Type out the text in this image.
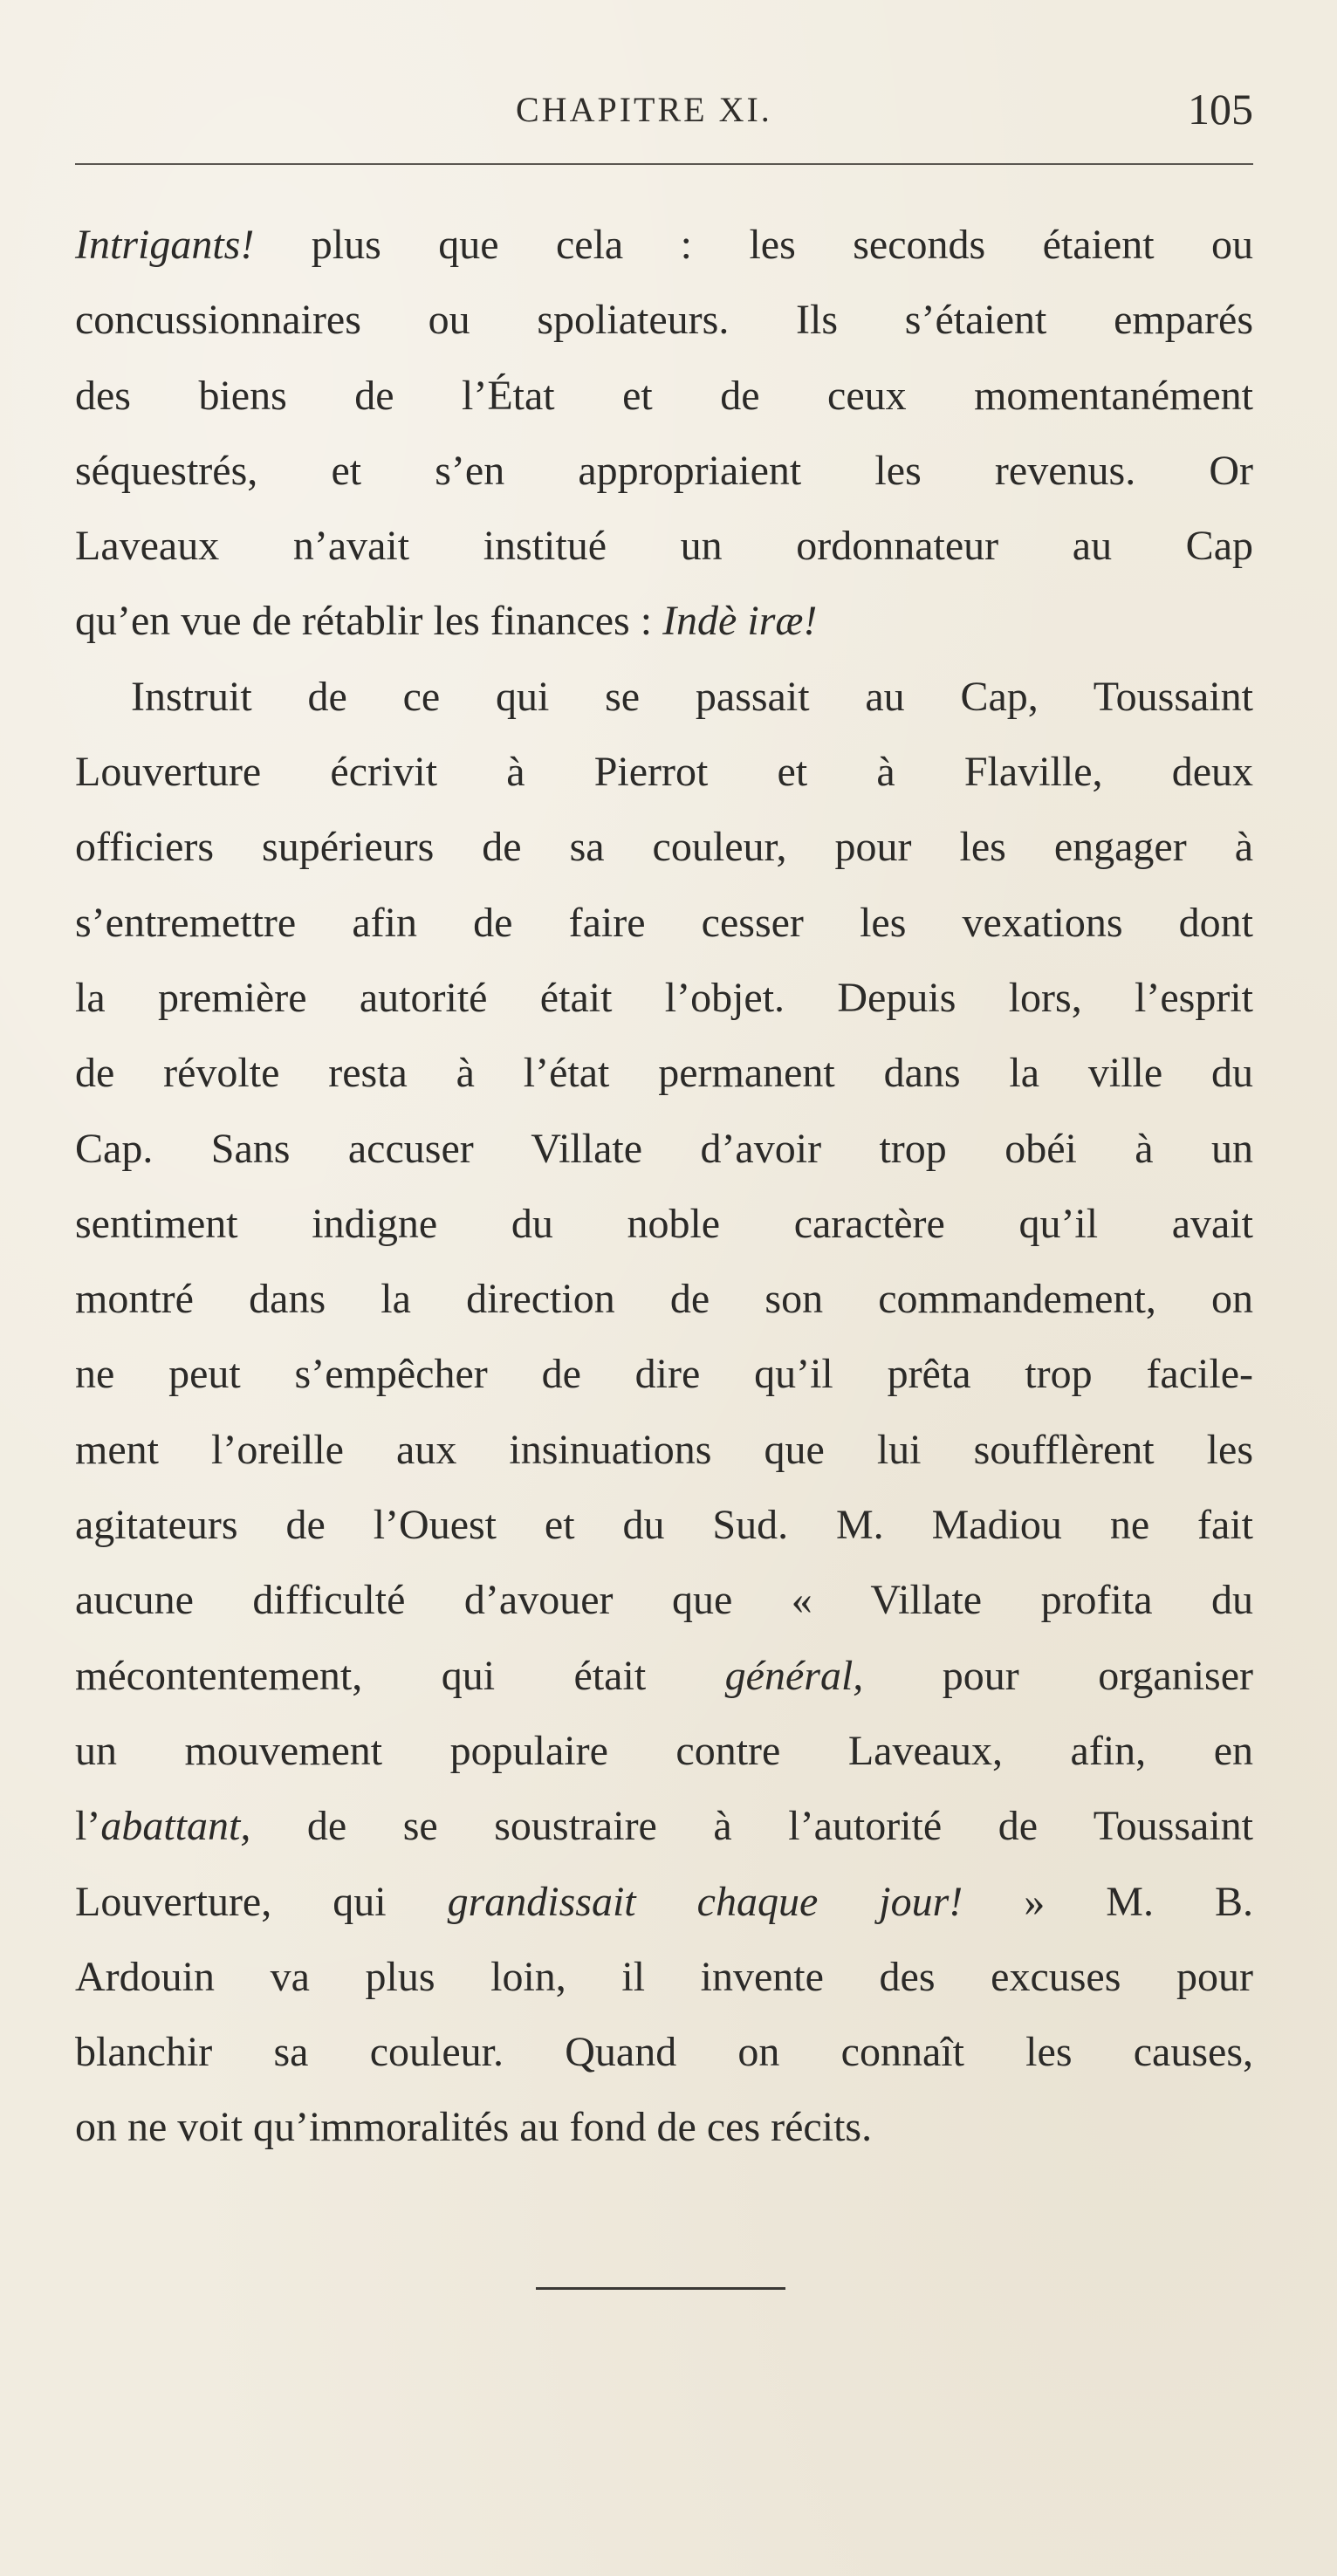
CHAPITRE XI.	105
Intrigants! plus que cela : les seconds étaient ou
concussionnaires ou spoliateurs. Ils s’étaient emparés
des biens de l’État et de ceux momentanément
séquestrés, et s’en appropriaient les revenus. Or
Laveaux n’avait institué un ordonnateur au Cap
qu’en vue de rétablir les finances : Indè iræ!
Instruit de ce qui se passait au Cap, Toussaint
Louverture écrivit à Pierrot et à Flaville, deux
officiers supérieurs de sa couleur, pour les engager à
s’entremettre afin de faire cesser les vexations dont
la première autorité était l’objet. Depuis lors, l’esprit
de révolte resta à l’état permanent dans la ville du
Cap. Sans accuser Villate d’avoir trop obéi à un
sentiment indigne du noble caractère qu’il avait
montré dans la direction de son commandement, on
ne peut s’empêcher de dire qu’il prêta trop facile-
ment l’oreille aux insinuations que lui soufflèrent les
agitateurs de l’Ouest et du Sud. M. Madiou ne fait
aucune difficulté d’avouer que « Villate profita du
mécontentement, qui était général, pour organiser
un mouvement populaire contre Laveaux, afin, en
l’abattant, de se soustraire à l’autorité de Toussaint
Louverture, qui grandissait chaque jour! » M. B.
Ardouin va plus loin, il invente des excuses pour
blanchir sa couleur. Quand on connaît les causes,
on ne voit qu’immoralités au fond de ces récits.
